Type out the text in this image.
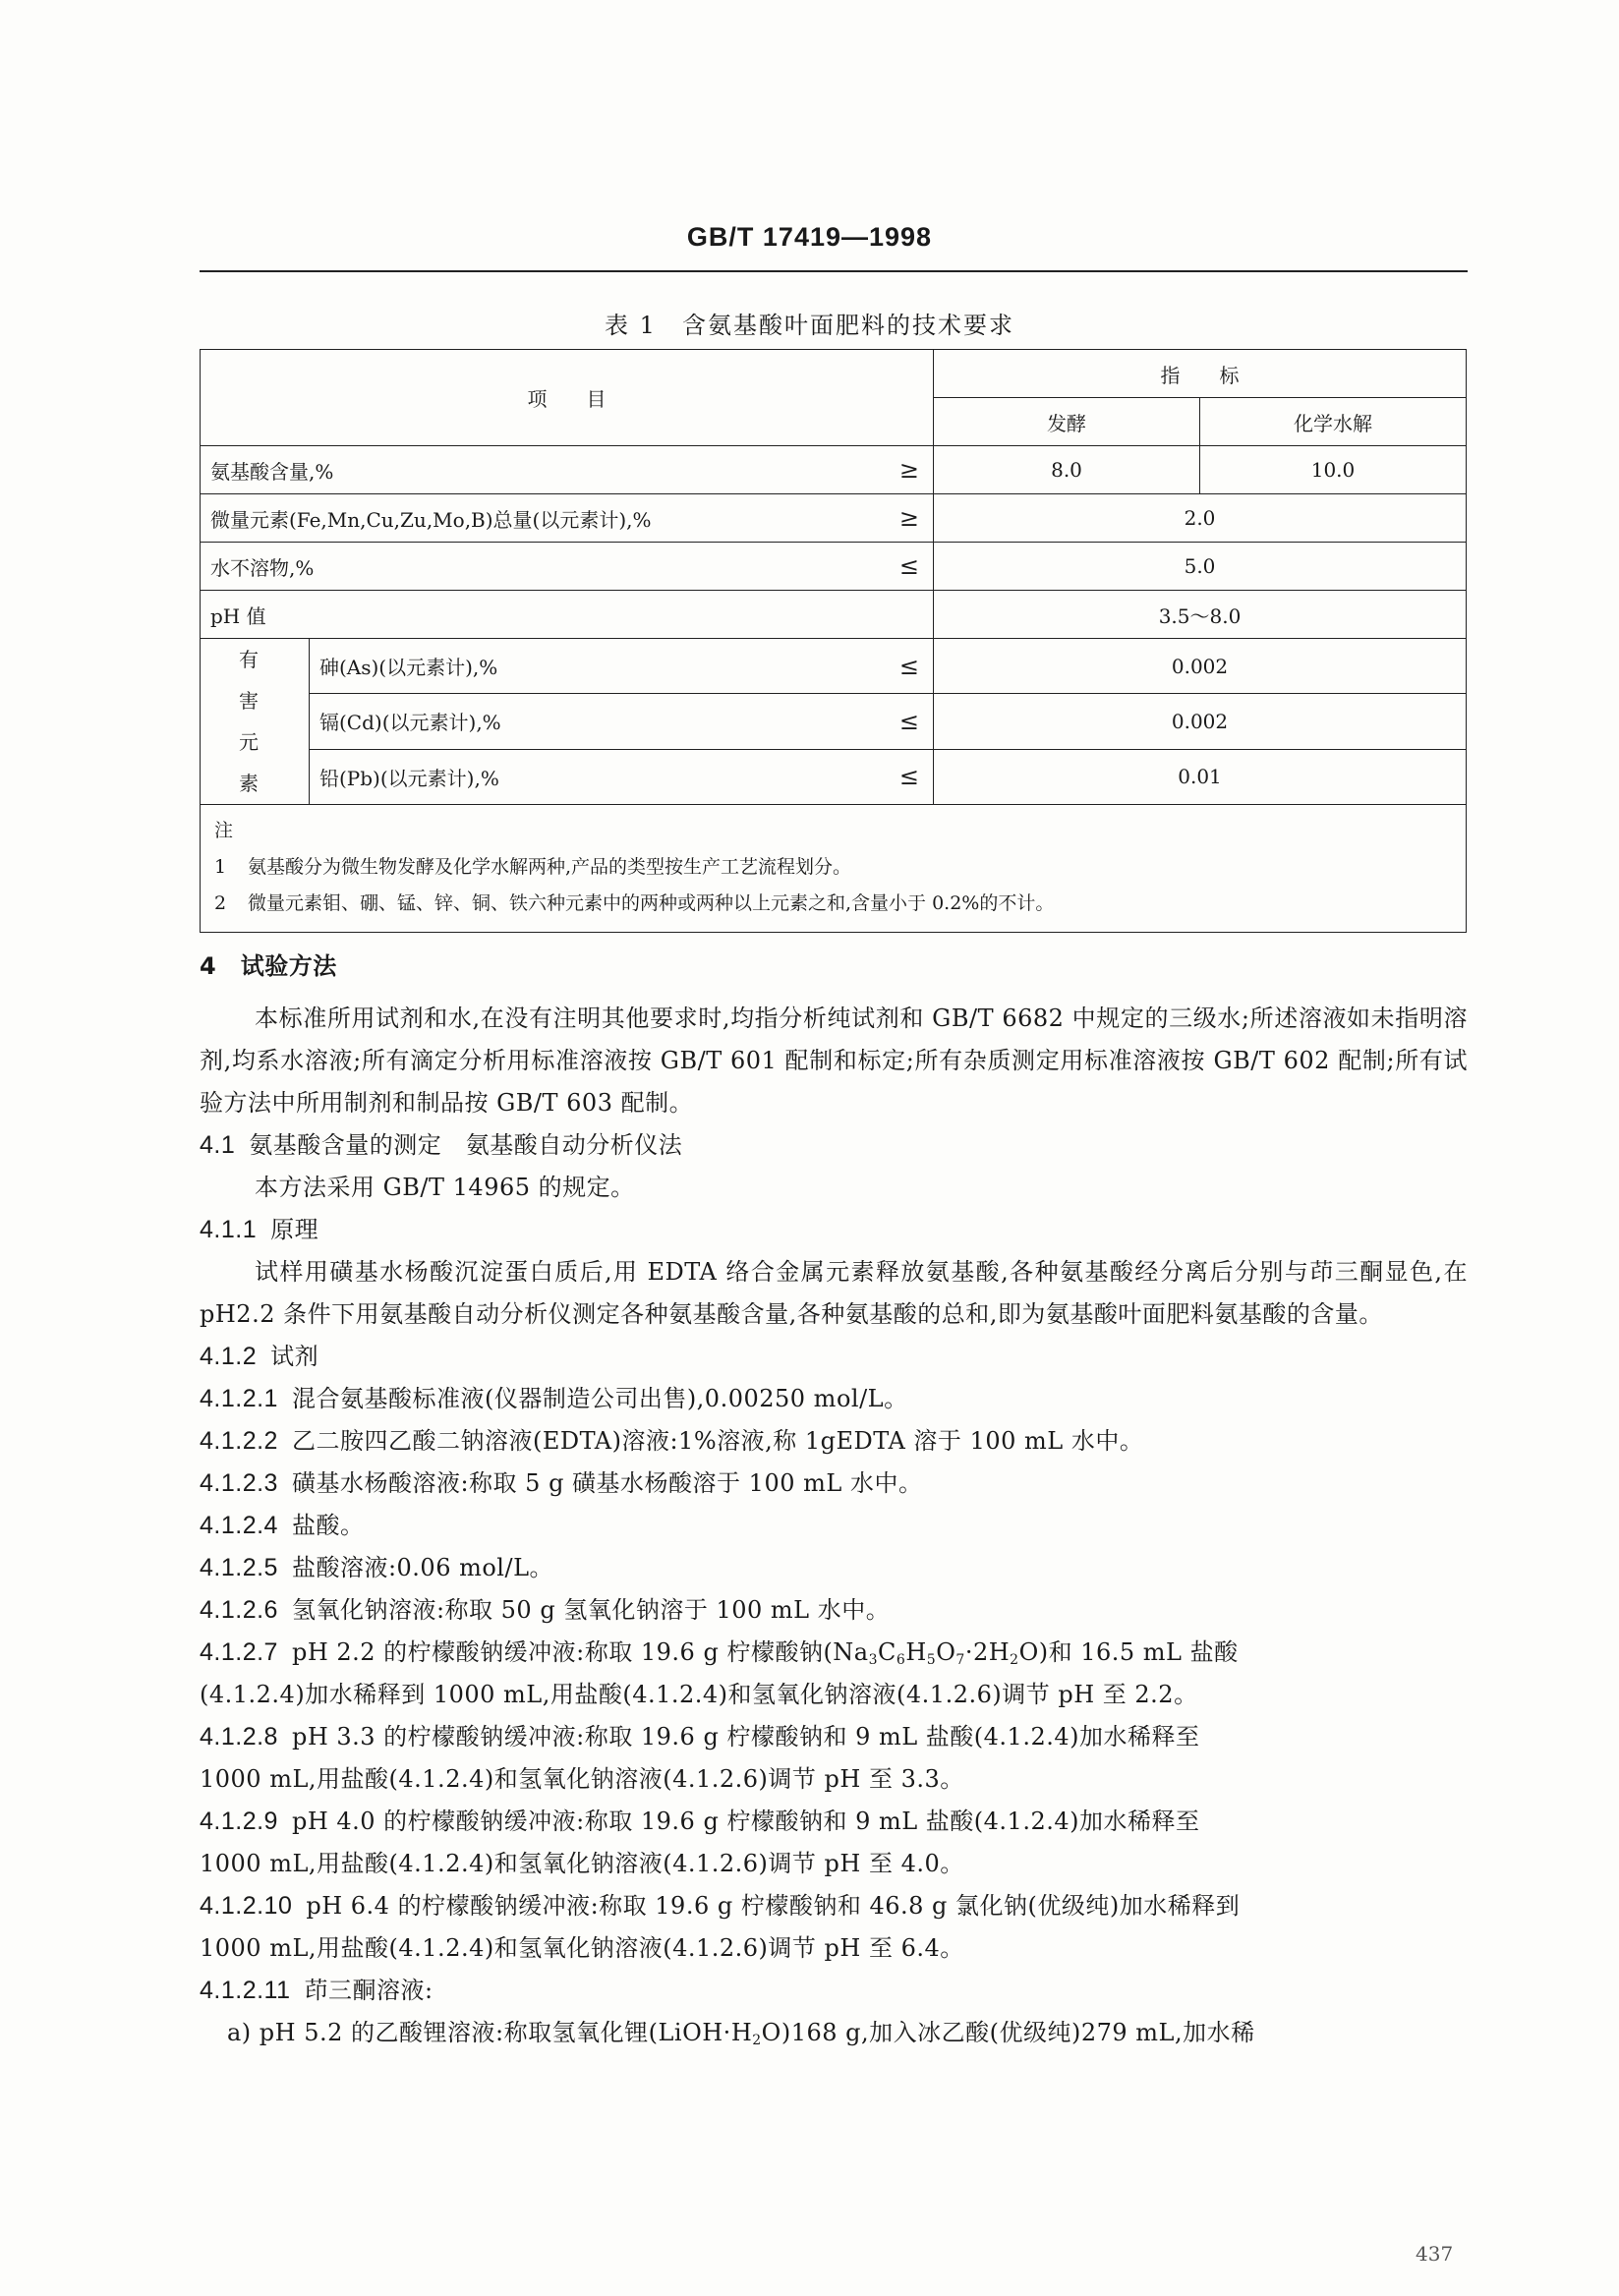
GB/T 17419—1998
表 1　含氨基酸叶面肥料的技术要求
项　　目			指　　标	
			发酵	化学水解
氨基酸含量,%		≥	8.0	10.0
微量元素(Fe,Mn,Cu,Zu,Mo,B)总量(以元素计),%		≥	2.0	
水不溶物,%		≤	5.0	
pH 值			3.5～8.0	
有 害 元 素	砷(As)(以元素计),%	≤	0.002	
	镉(Cd)(以元素计),%	≤	0.002	
	铅(Pb)(以元素计),%	≤	0.01	

注
1 氨基酸分为微生物发酵及化学水解两种,产品的类型按生产工艺流程划分。
2 微量元素钼、硼、锰、锌、铜、铁六种元素中的两种或两种以上元素之和,含量小于 0.2%的不计。				

4　试验方法

本标准所用试剂和水,在没有注明其他要求时,均指分析纯试剂和 GB/T 6682 中规定的三级水;所述溶液如未指明溶剂,均系水溶液;所有滴定分析用标准溶液按 GB/T 601 配制和标定;所有杂质测定用标准溶液按 GB/T 602 配制;所有试验方法中所用制剂和制品按 GB/T 603 配制。

4.1 氨基酸含量的测定　氨基酸自动分析仪法

本方法采用 GB/T 14965 的规定。

4.1.1 原理

试样用磺基水杨酸沉淀蛋白质后,用 EDTA 络合金属元素释放氨基酸,各种氨基酸经分离后分别与茚三酮显色,在 pH2.2 条件下用氨基酸自动分析仪测定各种氨基酸含量,各种氨基酸的总和,即为氨基酸叶面肥料氨基酸的含量。

4.1.2 试剂

4.1.2.1 混合氨基酸标准液(仪器制造公司出售),0.00250 mol/L。

4.1.2.2 乙二胺四乙酸二钠溶液(EDTA)溶液:1%溶液,称 1gEDTA 溶于 100 mL 水中。

4.1.2.3 磺基水杨酸溶液:称取 5 g 磺基水杨酸溶于 100 mL 水中。

4.1.2.4 盐酸。

4.1.2.5 盐酸溶液:0.06 mol/L。

4.1.2.6 氢氧化钠溶液:称取 50 g 氢氧化钠溶于 100 mL 水中。

4.1.2.7 pH 2.2 的柠檬酸钠缓冲液:称取 19.6 g 柠檬酸钠$(Na_3C_6H_5O_7\cdot 2H_2O)$和 16.5 mL 盐酸

(4.1.2.4)加水稀释到 1000 mL,用盐酸(4.1.2.4)和氢氧化钠溶液(4.1.2.6)调节 pH 至 2.2。

4.1.2.8 pH 3.3 的柠檬酸钠缓冲液:称取 19.6 g 柠檬酸钠和 9 mL 盐酸(4.1.2.4)加水稀释至

1000 mL,用盐酸(4.1.2.4)和氢氧化钠溶液(4.1.2.6)调节 pH 至 3.3。

4.1.2.9 pH 4.0 的柠檬酸钠缓冲液:称取 19.6 g 柠檬酸钠和 9 mL 盐酸(4.1.2.4)加水稀释至

1000 mL,用盐酸(4.1.2.4)和氢氧化钠溶液(4.1.2.6)调节 pH 至 4.0。

4.1.2.10 pH 6.4 的柠檬酸钠缓冲液:称取 19.6 g 柠檬酸钠和 46.8 g 氯化钠(优级纯)加水稀释到

1000 mL,用盐酸(4.1.2.4)和氢氧化钠溶液(4.1.2.6)调节 pH 至 6.4。

4.1.2.11 茚三酮溶液:

a) pH 5.2 的乙酸锂溶液:称取氢氧化锂$(LiOH\cdot H_2O)168$ g,加入冰乙酸(优级纯)279 mL,加水稀

437
